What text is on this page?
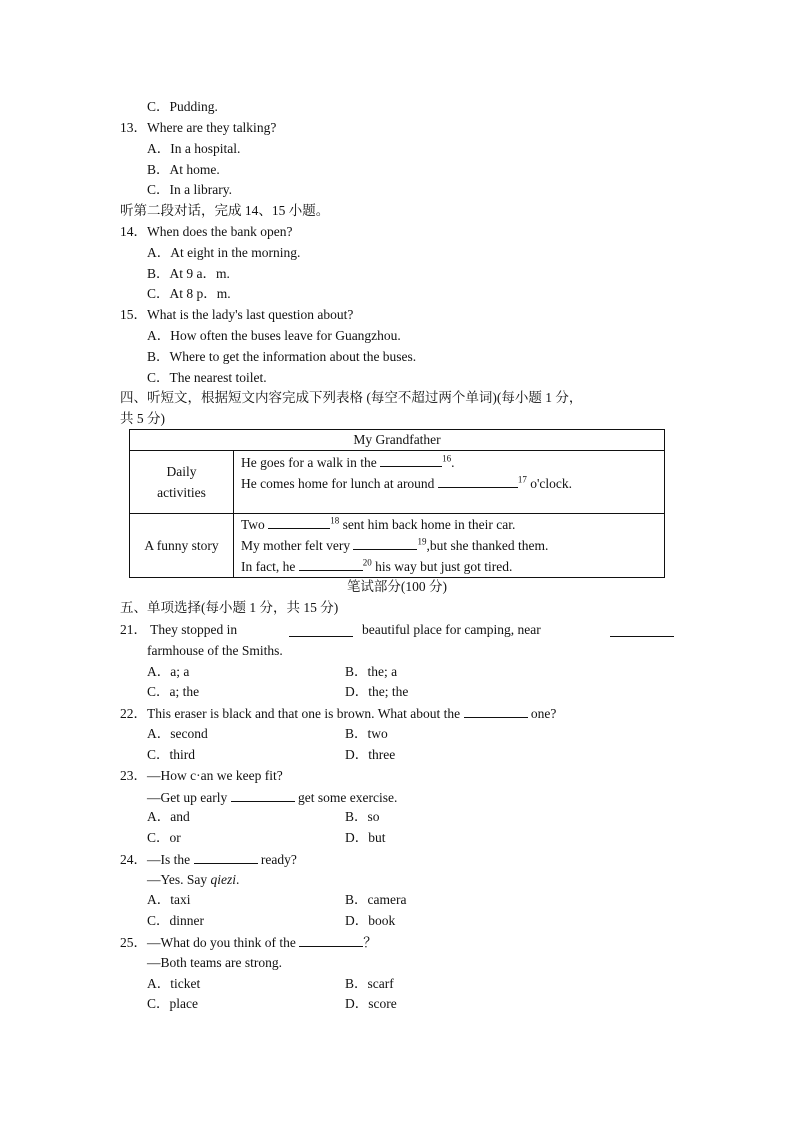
C．Pudding.
13．Where are they talking?
A．In a hospital.
B．At home.
C．In a library.
听第二段对话，完成 14、15 小题。
14．When does the bank open?
A．At eight in the morning.
B．At 9 a．m.
C．At 8 p．m.
15．What is the lady's last question about?
A．How often the buses leave for Guangzhou.
B．Where to get the information about the buses.
C．The nearest toilet.
四、听短文，根据短文内容完成下列表格 (每空不超过两个单词)(每小题 1 分，
共 5 分)
My Grandfather	
Daily
activities	He goes for a walk in the $^{16}$.
He comes home for lunch at around $^{17}$ o'clock.

A funny story	Two $^{18}$ sent him back home in their car.
My mother felt very $^{19}$,but she thanked them.
In fact, he $^{20}$ his way but just got tired.
笔试部分(100 分)
五、单项选择(每小题 1 分，共 15 分)
21． They stopped in	beautiful place for camping, near
farmhouse of the Smiths.
A．a; a	B．the; a
C．a; the	D．the; the
22．This eraser is black and that one is brown. What about the	one?
A．second	B．two
C．third	D．three
23．—How c·an we keep fit?
—Get up early	get some exercise.
A．and	B．so
C．or	D．but
24．—Is the	ready?
—Yes. Say qiezi.
A．taxi	B．camera
C．dinner	D．book
25．—What do you think of the	？
—Both teams are strong.
A．ticket	B．scarf
C．place	D．score
